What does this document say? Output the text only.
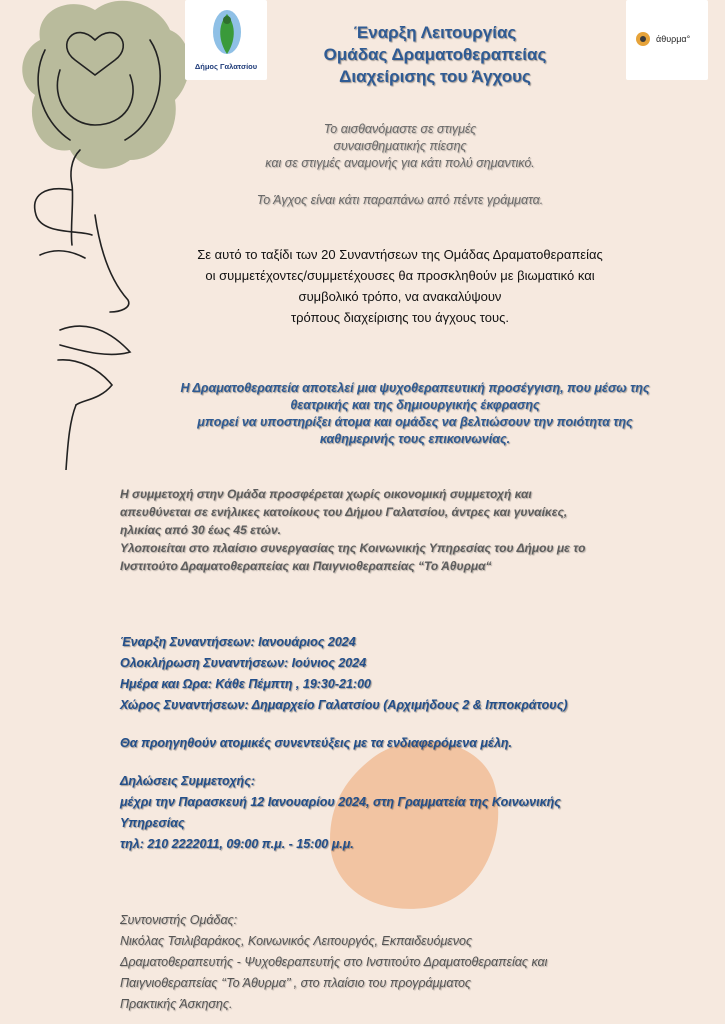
Δήμος Γαλατσίου
άθυρμα°
Έναρξη Λειτουργίας
Ομάδας Δραματοθεραπείας
Διαχείρισης του Άγχους
Το αισθανόμαστε σε στιγμές
συναισθηματικής πίεσης
και σε στιγμές αναμονής για κάτι πολύ σημαντικό.
Το Άγχος είναι κάτι παραπάνω από πέντε γράμματα.
Σε αυτό το ταξίδι των 20 Συναντήσεων της Ομάδας Δραματοθεραπείας
οι συμμετέχοντες/συμμετέχουσες θα προσκληθούν με βιωματικό και
συμβολικό τρόπο, να ανακαλύψουν
τρόπους διαχείρισης του άγχους τους.
Η Δραματοθεραπεία αποτελεί μια ψυχοθεραπευτική προσέγγιση, που μέσω της
θεατρικής και της δημιουργικής έκφρασης
μπορεί να υποστηρίξει άτομα και ομάδες να βελτιώσουν την ποιότητα της
καθημερινής τους επικοινωνίας.
Η συμμετοχή στην Ομάδα προσφέρεται χωρίς οικονομική συμμετοχή και
απευθύνεται σε ενήλικες κατοίκους του Δήμου Γαλατσίου, άντρες και γυναίκες,
ηλικίας από 30 έως 45 ετών.
Υλοποιείται στο πλαίσιο συνεργασίας της Κοινωνικής Υπηρεσίας του Δήμου με το
Ινστιτούτο Δραματοθεραπείας και Παιγνιοθεραπείας “Το Άθυρμα“
Έναρξη Συναντήσεων: Ιανουάριος 2024
Ολοκλήρωση Συναντήσεων: Ιούνιος 2024
Ημέρα και Ωρα: Κάθε Πέμπτη , 19:30-21:00
Χώρος Συναντήσεων: Δημαρχείο Γαλατσίου (Αρχιμήδους 2 & Ιπποκράτους)
Θα προηγηθούν ατομικές συνεντεύξεις με τα ενδιαφερόμενα μέλη.
Δηλώσεις Συμμετοχής:
μέχρι την Παρασκευή 12 Ιανουαρίου 2024, στη Γραμματεία της Κοινωνικής
Υπηρεσίας
τηλ: 210 2222011, 09:00 π.μ. - 15:00 μ.μ.
Συντονιστής Ομάδας:
Νικόλας Τσιλιβαράκος, Κοινωνικός Λειτουργός, Εκπαιδευόμενος
Δραματοθεραπευτής - Ψυχοθεραπευτής στο Ινστιτούτο Δραματοθεραπείας και
Παιγνιοθεραπείας ‘‘Το Άθυρμα’’ , στο πλαίσιο του προγράμματος
Πρακτικής Άσκησης.
